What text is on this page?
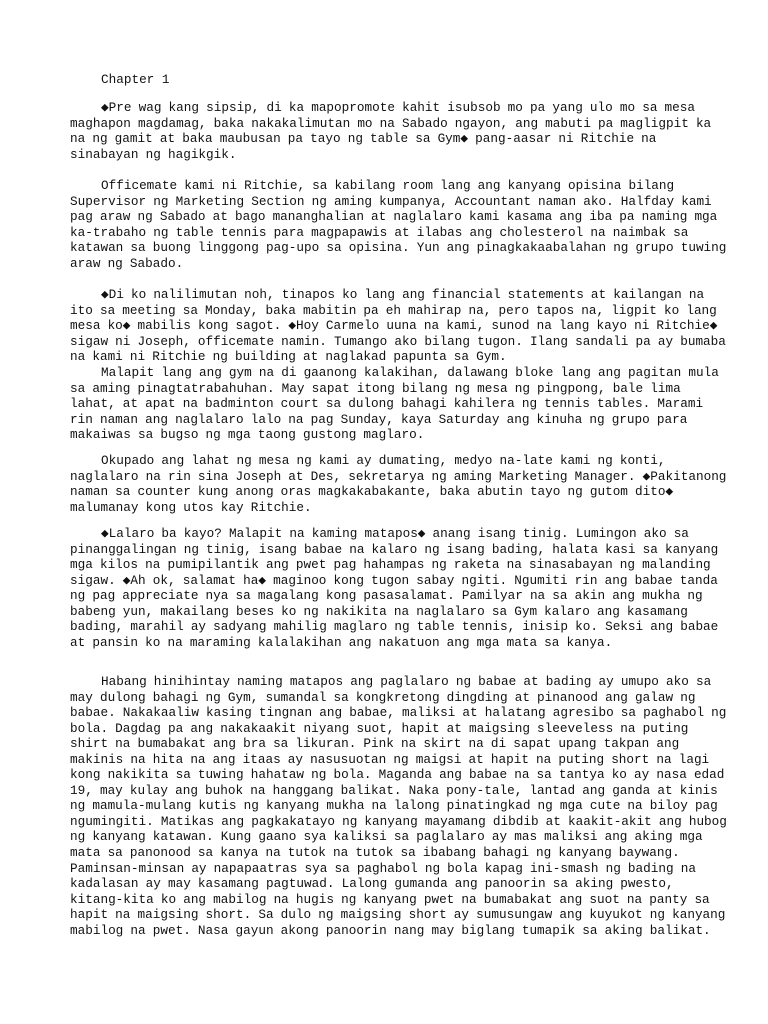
Chapter 1

◆Pre wag kang sipsip, di ka mapopromote kahit isubsob mo pa yang ulo mo sa mesa maghapon magdamag, baka nakakalimutan mo na Sabado ngayon, ang mabuti pa magligpit ka na ng gamit at baka maubusan pa tayo ng table sa Gym◆ pang-aasar ni Ritchie na sinabayan ng hagikgik.

Officemate kami ni Ritchie, sa kabilang room lang ang kanyang opisina bilang Supervisor ng Marketing Section ng aming kumpanya, Accountant naman ako. Halfday kami pag araw ng Sabado at bago mananghalian at naglalaro kami kasama ang iba pa naming mga ka-trabaho ng table tennis para magpapawis at ilabas ang cholesterol na naimbak sa katawan sa buong linggong pag-upo sa opisina. Yun ang pinagkakaabalahan ng grupo tuwing araw ng Sabado.

◆Di ko nalilimutan noh, tinapos ko lang ang financial statements at kailangan na ito sa meeting sa Monday, baka mabitin pa eh mahirap na, pero tapos na, ligpit ko lang mesa ko◆ mabilis kong sagot. ◆Hoy Carmelo uuna na kami, sunod na lang kayo ni Ritchie◆ sigaw ni Joseph, officemate namin. Tumango ako bilang tugon. Ilang sandali pa ay bumaba na kami ni Ritchie ng building at naglakad papunta sa Gym.

Malapit lang ang gym na di gaanong kalakihan, dalawang bloke lang ang pagitan mula sa aming pinagtatrabahuhan. May sapat itong bilang ng mesa ng pingpong, bale lima lahat, at apat na badminton court sa dulong bahagi kahilera ng tennis tables. Marami rin naman ang naglalaro lalo na pag Sunday, kaya Saturday ang kinuha ng grupo para makaiwas sa bugso ng mga taong gustong maglaro.

Okupado ang lahat ng mesa ng kami ay dumating, medyo na-late kami ng konti, naglalaro na rin sina Joseph at Des, sekretarya ng aming Marketing Manager. ◆Pakitanong naman sa counter kung anong oras magkakabakante, baka abutin tayo ng gutom dito◆ malumanay kong utos kay Ritchie.

◆Lalaro ba kayo? Malapit na kaming matapos◆ anang isang tinig. Lumingon ako sa pinanggalingan ng tinig, isang babae na kalaro ng isang bading, halata kasi sa kanyang mga kilos na pumipilantik ang pwet pag hahampas ng raketa na sinasabayan ng malanding sigaw. ◆Ah ok, salamat ha◆ maginoo kong tugon sabay ngiti. Ngumiti rin ang babae tanda ng pag appreciate nya sa magalang kong pasasalamat. Pamilyar na sa akin ang mukha ng babeng yun, makailang beses ko ng nakikita na naglalaro sa Gym kalaro ang kasamang bading, marahil ay sadyang mahilig maglaro ng table tennis, inisip ko. Seksi ang babae at pansin ko na maraming kalalakihan ang nakatuon ang mga mata sa kanya.

Habang hinihintay naming matapos ang paglalaro ng babae at bading ay umupo ako sa may dulong bahagi ng Gym, sumandal sa kongkretong dingding at pinanood ang galaw ng babae. Nakakaaliw kasing tingnan ang babae, maliksi at halatang agresibo sa paghabol ng bola. Dagdag pa ang nakakaakit niyang suot, hapit at maigsing sleeveless na puting shirt na bumabakat ang bra sa likuran. Pink na skirt na di sapat upang takpan ang makinis na hita na ang itaas ay nasusuotan ng maigsi at hapit na puting short na lagi kong nakikita sa tuwing hahataw ng bola. Maganda ang babae na sa tantya ko ay nasa edad 19, may kulay ang buhok na hanggang balikat. Naka pony-tale, lantad ang ganda at kinis ng mamula-mulang kutis ng kanyang mukha na lalong pinatingkad ng mga cute na biloy pag ngumingiti. Matikas ang pagkakatayo ng kanyang mayamang dibdib at kaakit-akit ang hubog ng kanyang katawan. Kung gaano sya kaliksi sa paglalaro ay mas maliksi ang aking mga mata sa panonood sa kanya na tutok na tutok sa ibabang bahagi ng kanyang baywang. Paminsan-minsan ay napapaatras sya sa paghabol ng bola kapag ini-smash ng bading na kadalasan ay may kasamang pagtuwad. Lalong gumanda ang panoorin sa aking pwesto, kitang-kita ko ang mabilog na hugis ng kanyang pwet na bumabakat ang suot na panty sa hapit na maigsing short. Sa dulo ng maigsing short ay sumusungaw ang kuyukot ng kanyang mabilog na pwet. Nasa gayun akong panoorin nang may biglang tumapik sa aking balikat.
